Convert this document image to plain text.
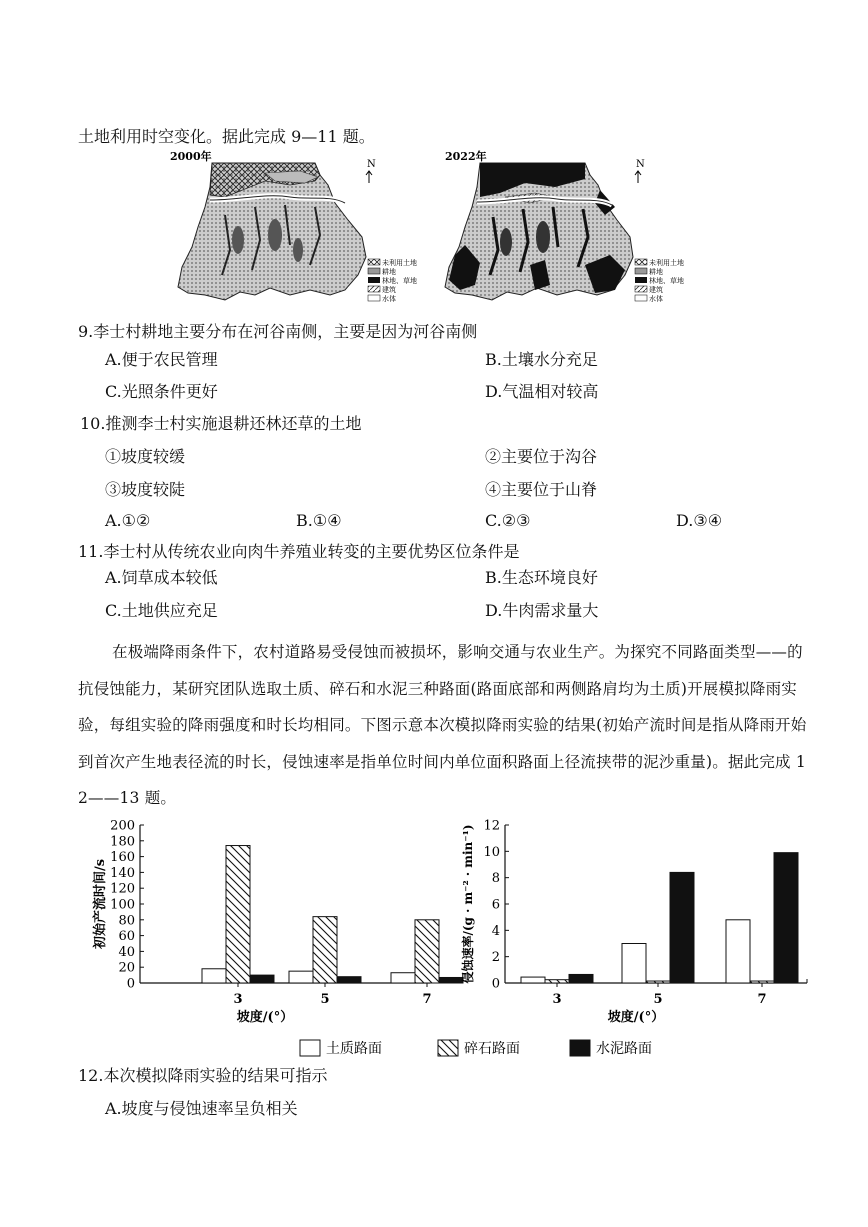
土地利用时空变化。据此完成 9—11 题。
2000年
N
未利用土地
耕地
林地、草地
建筑
水体
2022年
N
未利用土地
耕地
林地、草地
建筑
水体
9.李士村耕地主要分布在河谷南侧，主要是因为河谷南侧
A.便于农民管理	B.土壤水分充足
C.光照条件更好	D.气温相对较高
10.推测李士村实施退耕还林还草的土地
①坡度较缓	②主要位于沟谷
③坡度较陡	④主要位于山脊
A.①②	B.①④	C.②③	D.③④
11.李士村从传统农业向肉牛养殖业转变的主要优势区位条件是
A.饲草成本较低	B.生态环境良好
C.土地供应充足	D.牛肉需求量大
在极端降雨条件下，农村道路易受侵蚀而被损坏，影响交通与农业生产。为探究不同路面类型——的
抗侵蚀能力，某研究团队选取土质、碎石和水泥三种路面(路面底部和两侧路肩均为土质)开展模拟降雨实
验，每组实验的降雨强度和时长均相同。下图示意本次模拟降雨实验的结果(初始产流时间是指从降雨开始
到首次产生地表径流的时长，侵蚀速率是指单位时间内单位面积路面上径流挟带的泥沙重量)。据此完成 1
2——13 题。
0
20
40
60
80
100
120
140
160
180
200
3	5	7
坡度/(°）
初始产流时间/s
0
2
4
6
8
10
12
3	5	7
坡度/(°）
侵蚀速率/(g · m⁻² · min⁻¹)
土质路面	碎石路面	水泥路面
12.本次模拟降雨实验的结果可指示
A.坡度与侵蚀速率呈负相关
